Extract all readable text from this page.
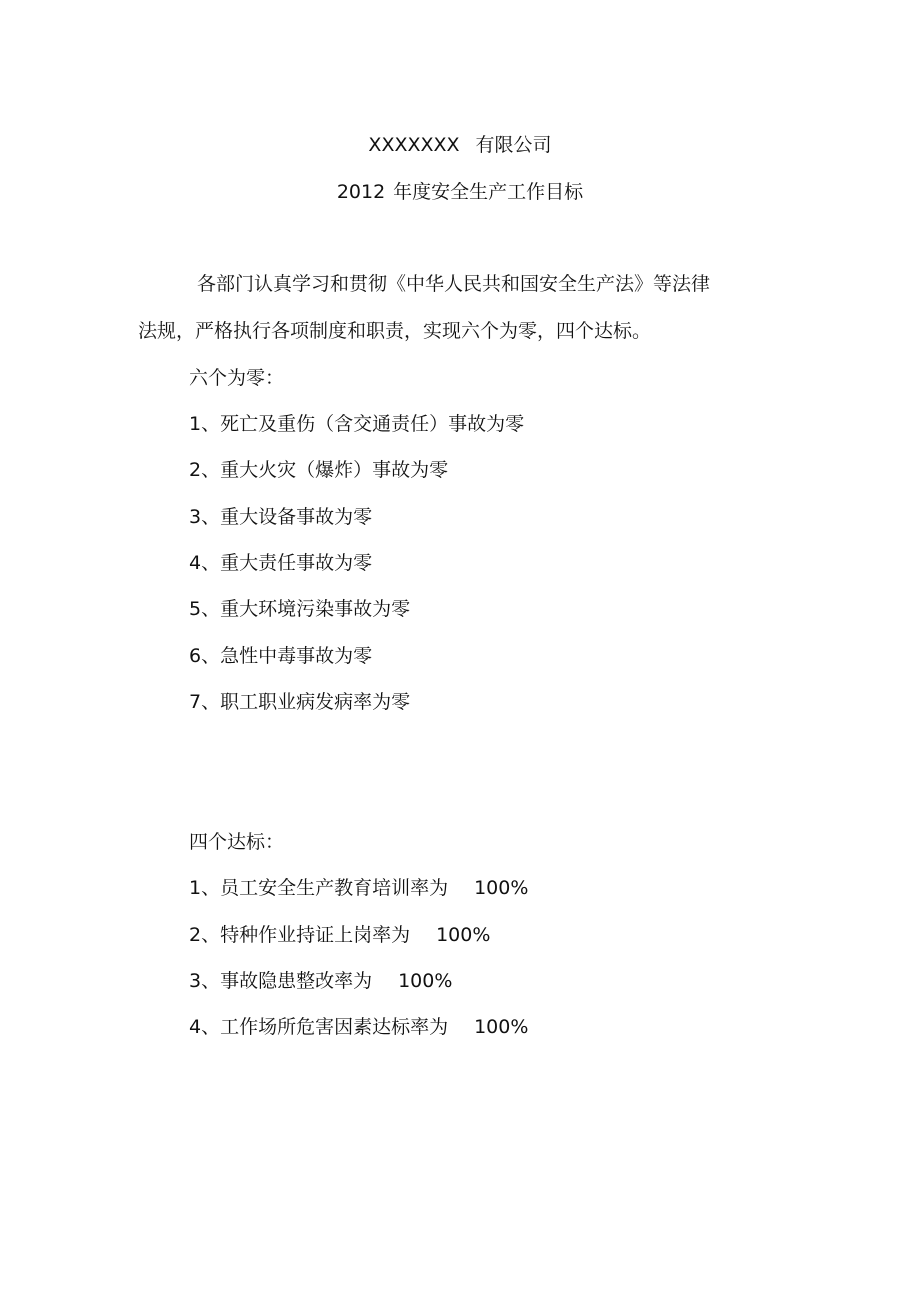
XXXXXXX 有限公司
2012 年度安全生产工作目标
各部门认真学习和贯彻《中华人民共和国安全生产法》等法律
法规，严格执行各项制度和职责，实现六个为零，四个达标。
六个为零：
1、死亡及重伤（含交通责任）事故为零
2、重大火灾（爆炸）事故为零
3、重大设备事故为零
4、重大责任事故为零
5、重大环境污染事故为零
6、急性中毒事故为零
7、职工职业病发病率为零
四个达标：
1、员工安全生产教育培训率为 100%
2、特种作业持证上岗率为 100%
3、事故隐患整改率为 100%
4、工作场所危害因素达标率为 100%
